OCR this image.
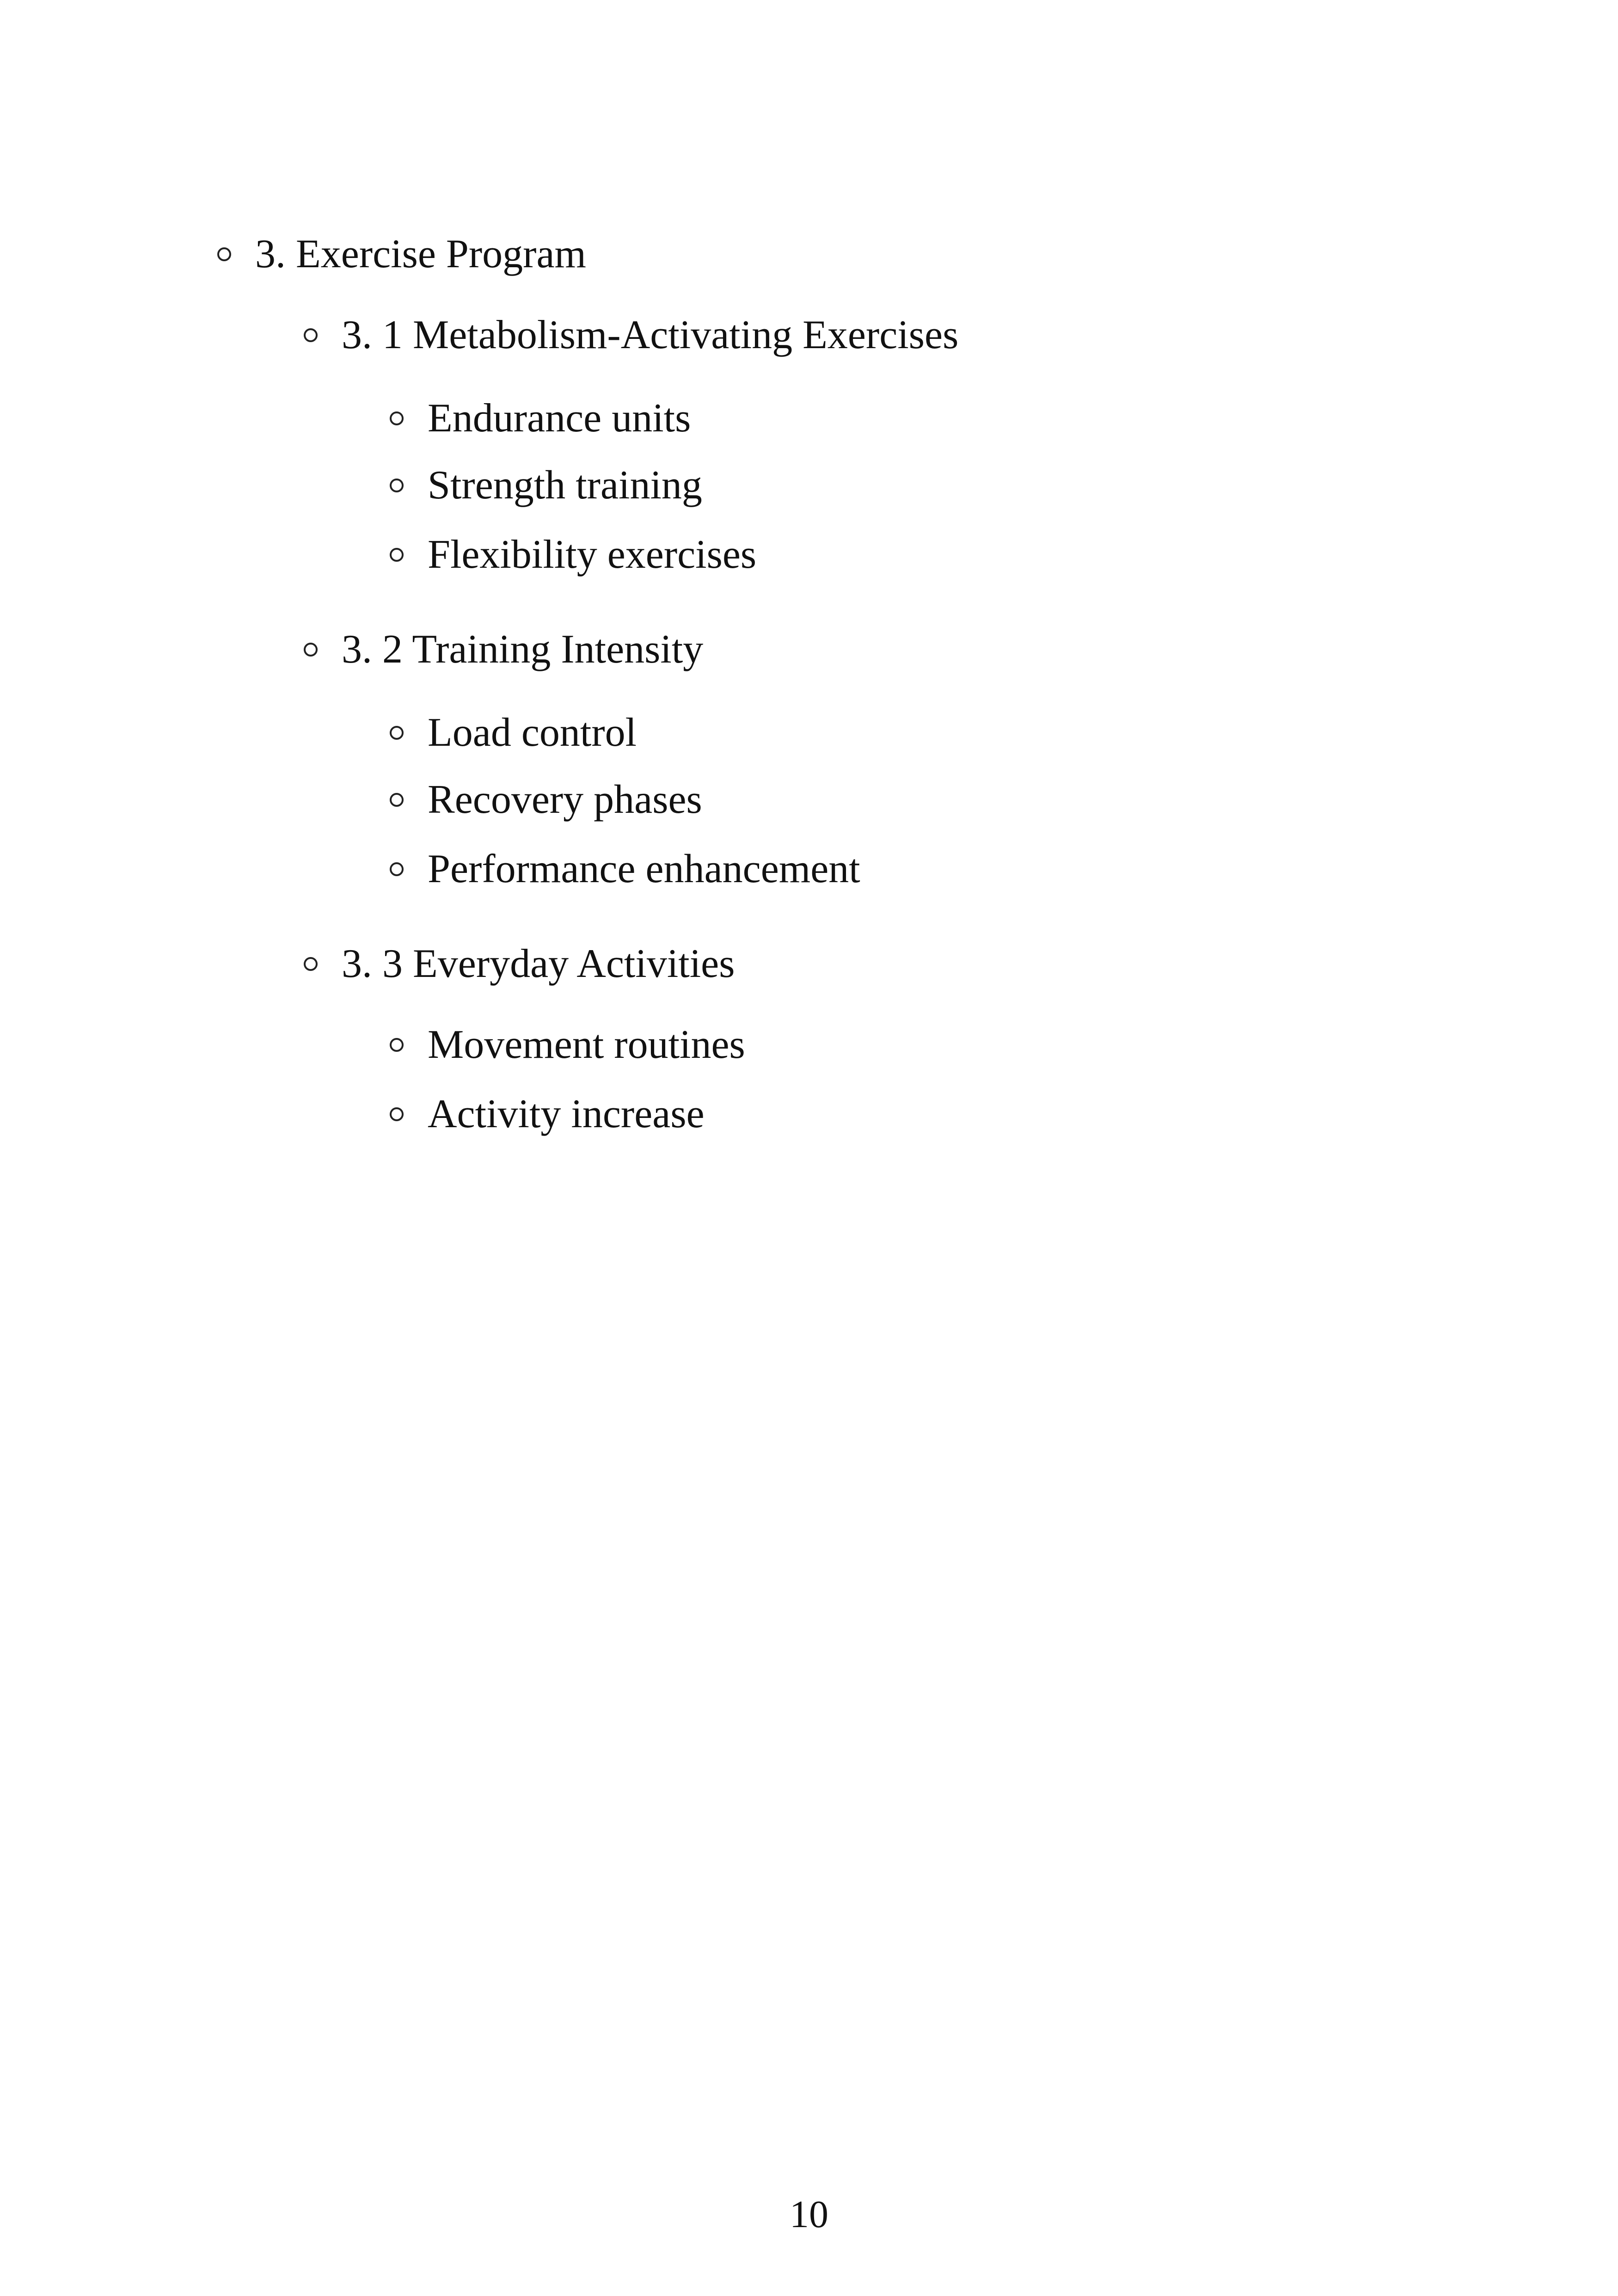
3. Exercise Program
3. 1 Metabolism-Activating Exercises
Endurance units
Strength training
Flexibility exercises
3. 2 Training Intensity
Load control
Recovery phases
Performance enhancement
3. 3 Everyday Activities
Movement routines
Activity increase
10
